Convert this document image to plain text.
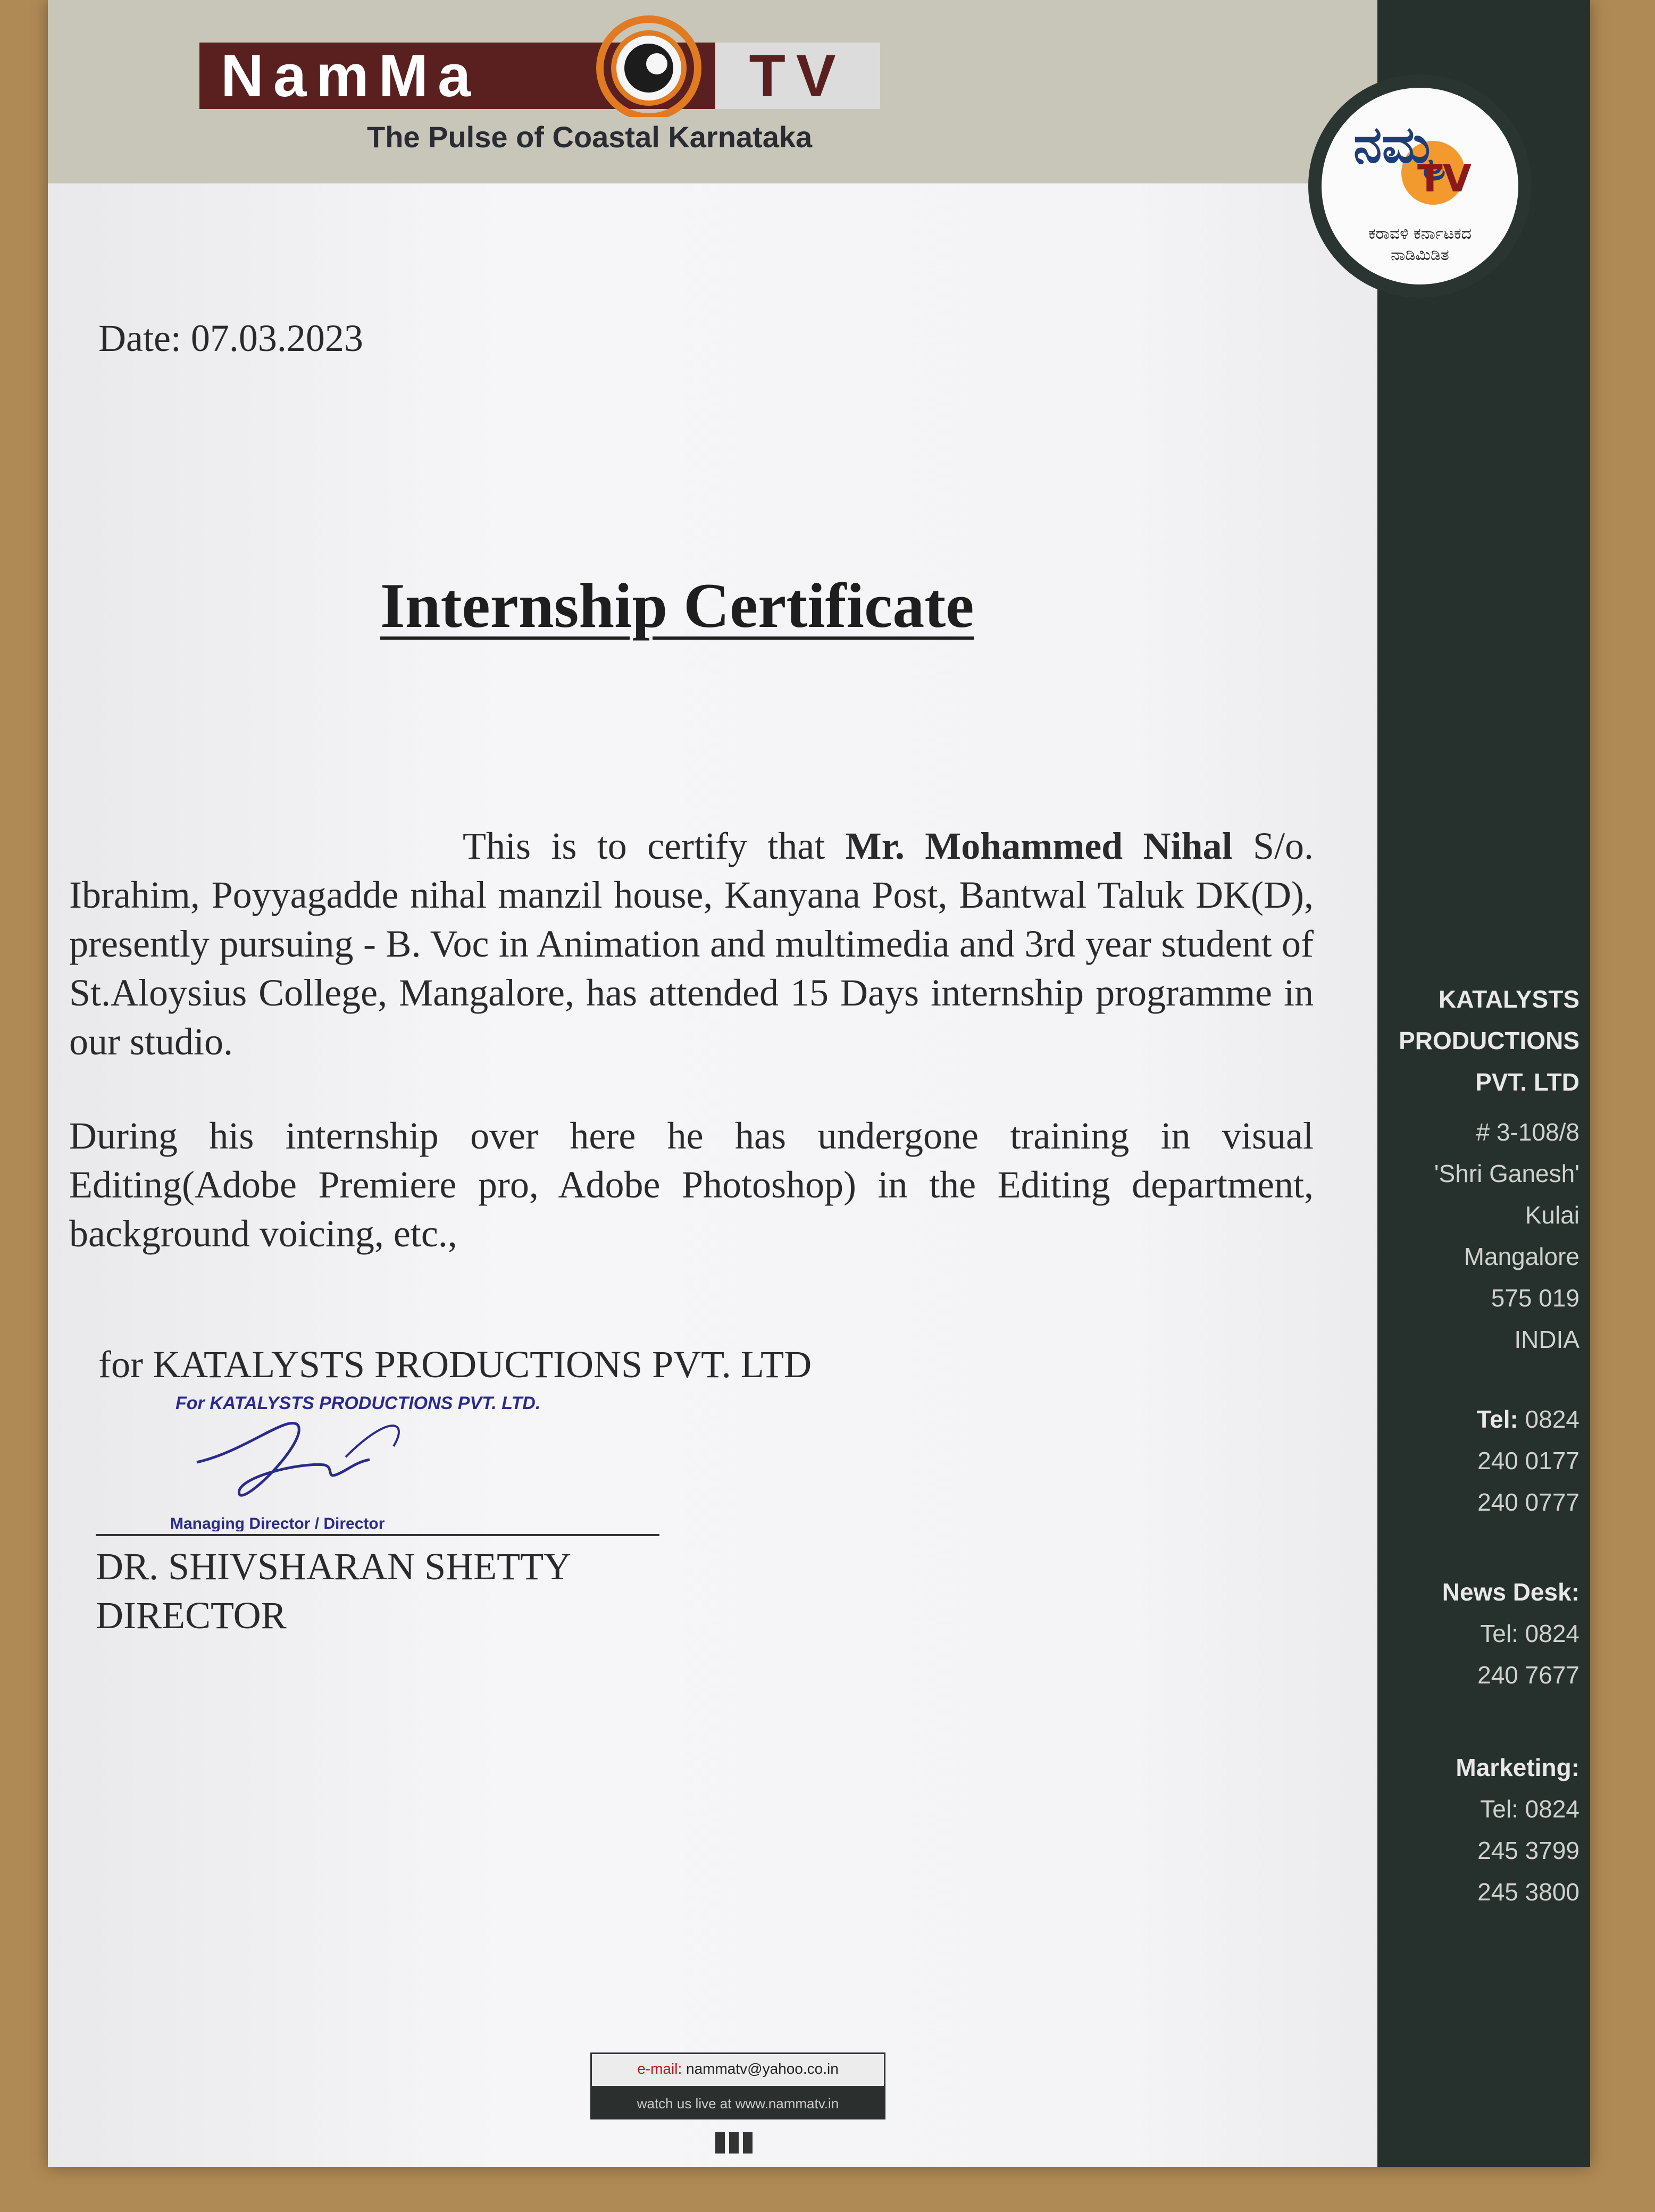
NamMa	TV
The Pulse of Coastal Karnataka	ನಮ್ಮ
TV
ಕರಾವಳಿ ಕರ್ನಾಟಕದ
ನಾಡಿಮಿಡಿತ
Date: 07.03.2023
Internship Certificate
This is to certify that Mr. Mohammed Nihal S/o. Ibrahim, Poyyagadde nihal manzil house, Kanyana Post, Bantwal Taluk DK(D), presently pursuing - B. Voc in Animation and multimedia and 3rd year student of St.Aloysius College, Mangalore, has attended 15 Days internship programme in our studio.
During his internship over here he has undergone training in visual Editing(Adobe Premiere pro, Adobe Photoshop) in the Editing department, background voicing, etc.,
for KATALYSTS PRODUCTIONS PVT. LTD
For KATALYSTS PRODUCTIONS PVT. LTD.
Managing Director / Director
DR. SHIVSHARAN SHETTY
DIRECTOR
KATALYSTS
PRODUCTIONS
PVT. LTD
# 3-108/8
'Shri Ganesh'
Kulai
Mangalore
575 019
INDIA
Tel: 0824
240 0177
240 0777
News Desk:
Tel: 0824
240 7677
Marketing:
Tel: 0824
245 3799
245 3800
e-mail: nammatv@yahoo.co.in
watch us live at www.nammatv.in
